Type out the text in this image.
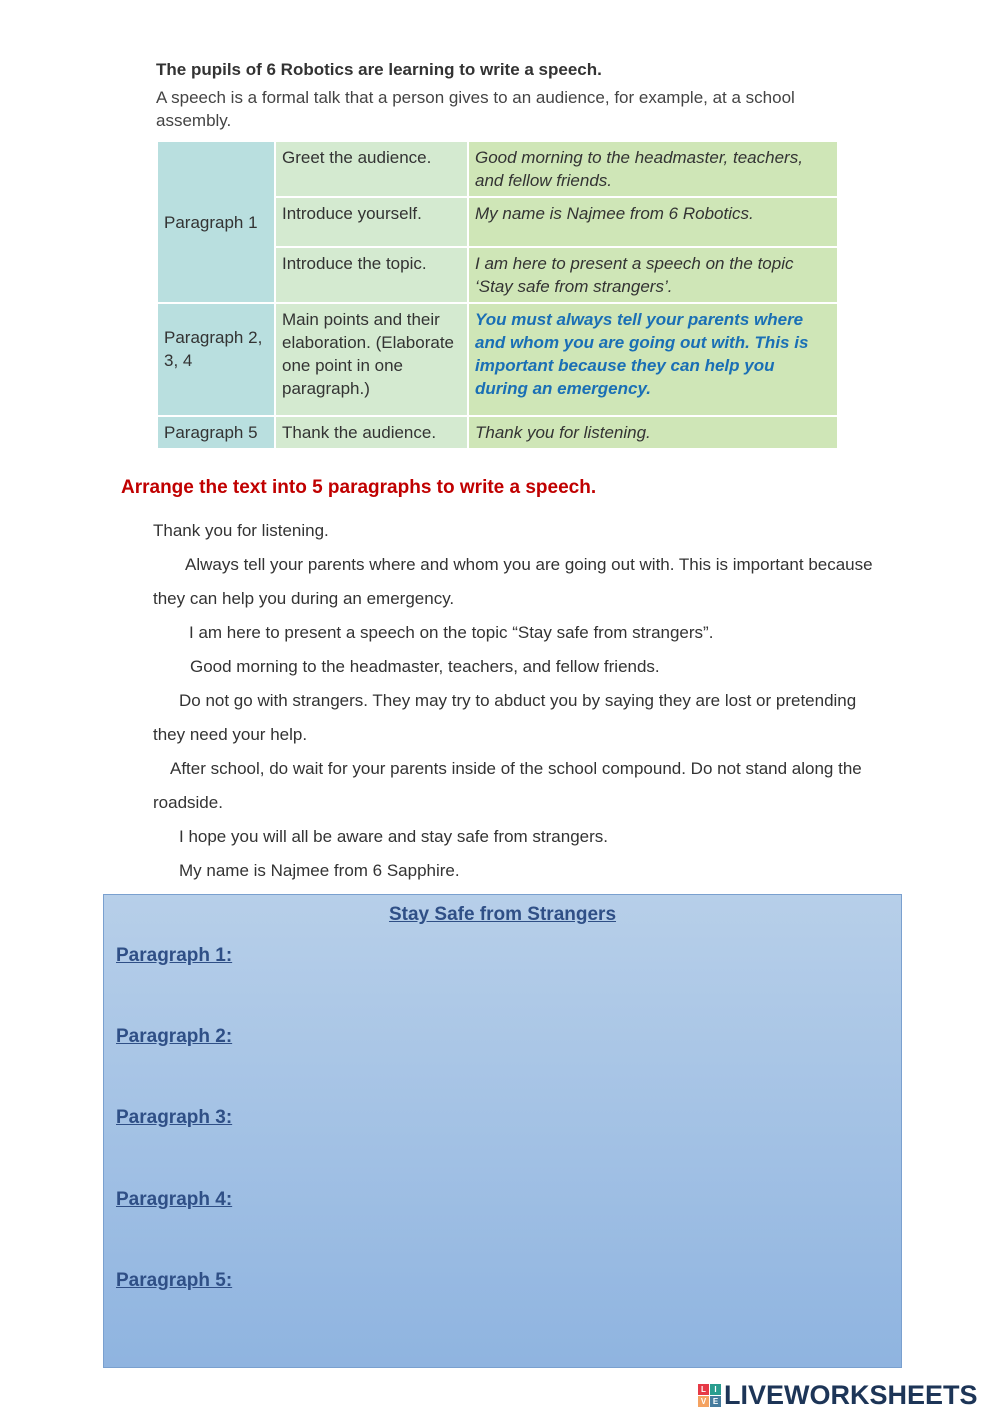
The pupils of 6 Robotics are learning to write a speech.

A speech is a formal talk that a person gives to an audience, for example, at a school assembly.

Paragraph 1	Greet the audience.	Good morning to the headmaster, teachers, and fellow friends.
	Introduce yourself.	My name is Najmee from 6 Robotics.
	Introduce the topic.	I am here to present a speech on the topic ‘Stay safe from strangers’.
Paragraph 2, 3, 4	Main points and their elaboration. (Elaborate one point in one paragraph.)	You must always tell your parents where and whom you are going out with. This is important because they can help you during an emergency.
Paragraph 5	Thank the audience.	Thank you for listening.
Arrange the text into 5 paragraphs to write a speech.

Thank you for listening.

Always tell your parents where and whom you are going out with. This is important because they can help you during an emergency.

I am here to present a speech on the topic “Stay safe from strangers”.

Good morning to the headmaster, teachers, and fellow friends.

Do not go with strangers. They may try to abduct you by saying they are lost or pretending they need your help.

After school, do wait for your parents inside of the school compound. Do not stand along the roadside.

I hope you will all be aware and stay safe from strangers.

My name is Najmee from 6 Sapphire.

Stay Safe from Strangers
Paragraph 1:
Paragraph 2:
Paragraph 3:
Paragraph 4:
Paragraph 5:
L	I
V E LIVEWORKSHEETS
